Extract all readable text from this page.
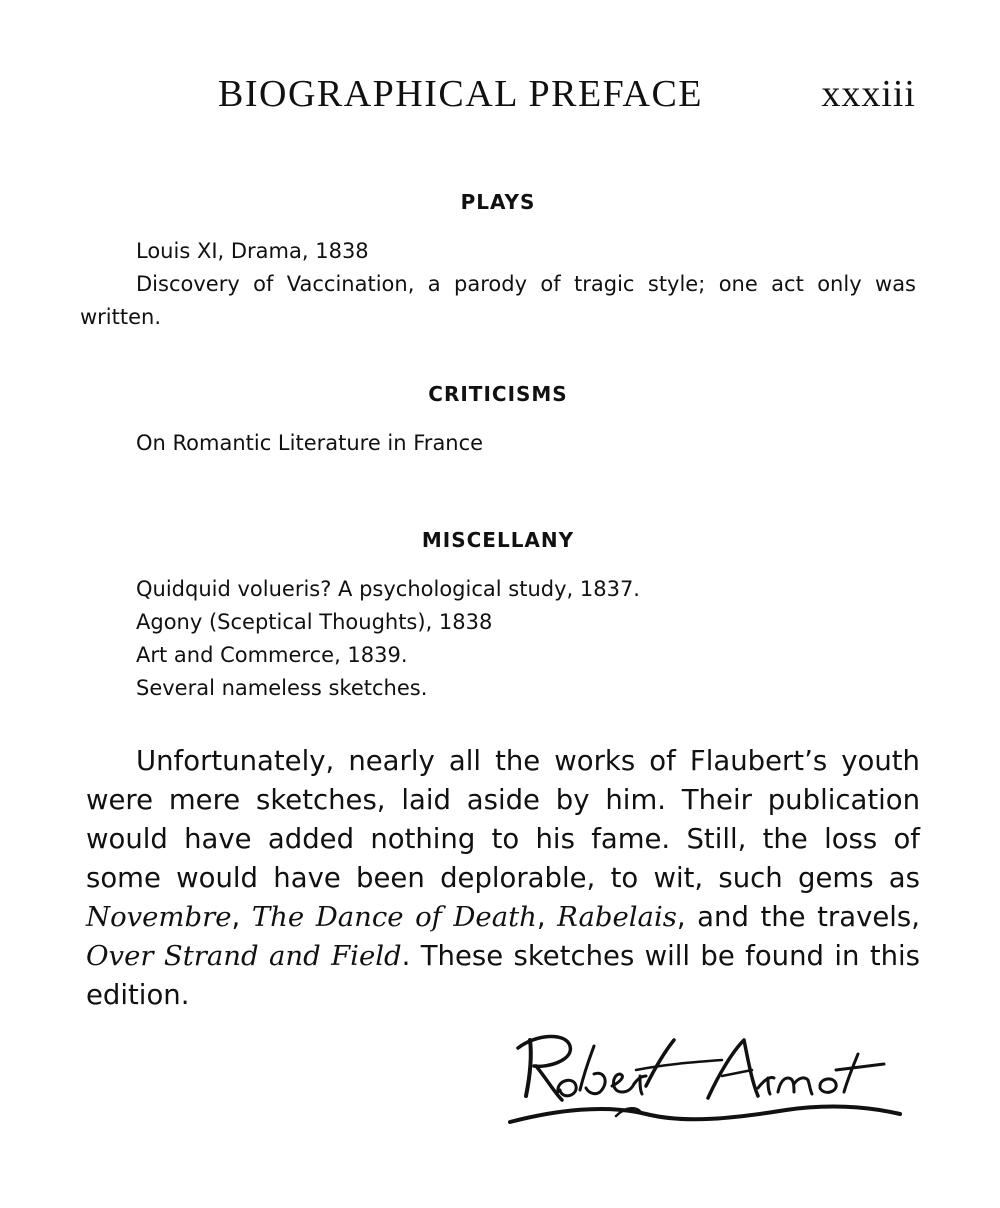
BIOGRAPHICAL PREFACE	xxxiii
PLAYS
Louis XI, Drama, 1838
Discovery of Vaccination, a parody of tragic style; one act only was written.
CRITICISMS
On Romantic Literature in France
MISCELLANY
Quidquid volueris? A psychological study, 1837.
Agony (Sceptical Thoughts), 1838
Art and Commerce, 1839.
Several nameless sketches.

Unfortunately, nearly all the works of Flaubert’s youth were mere sketches, laid aside by him. Their publication would have added nothing to his fame. Still, the loss of some would have been deplorable, to wit, such gems as Novembre, The Dance of Death, Rabelais, and the travels, Over Strand and Field. These sketches will be found in this edition.
